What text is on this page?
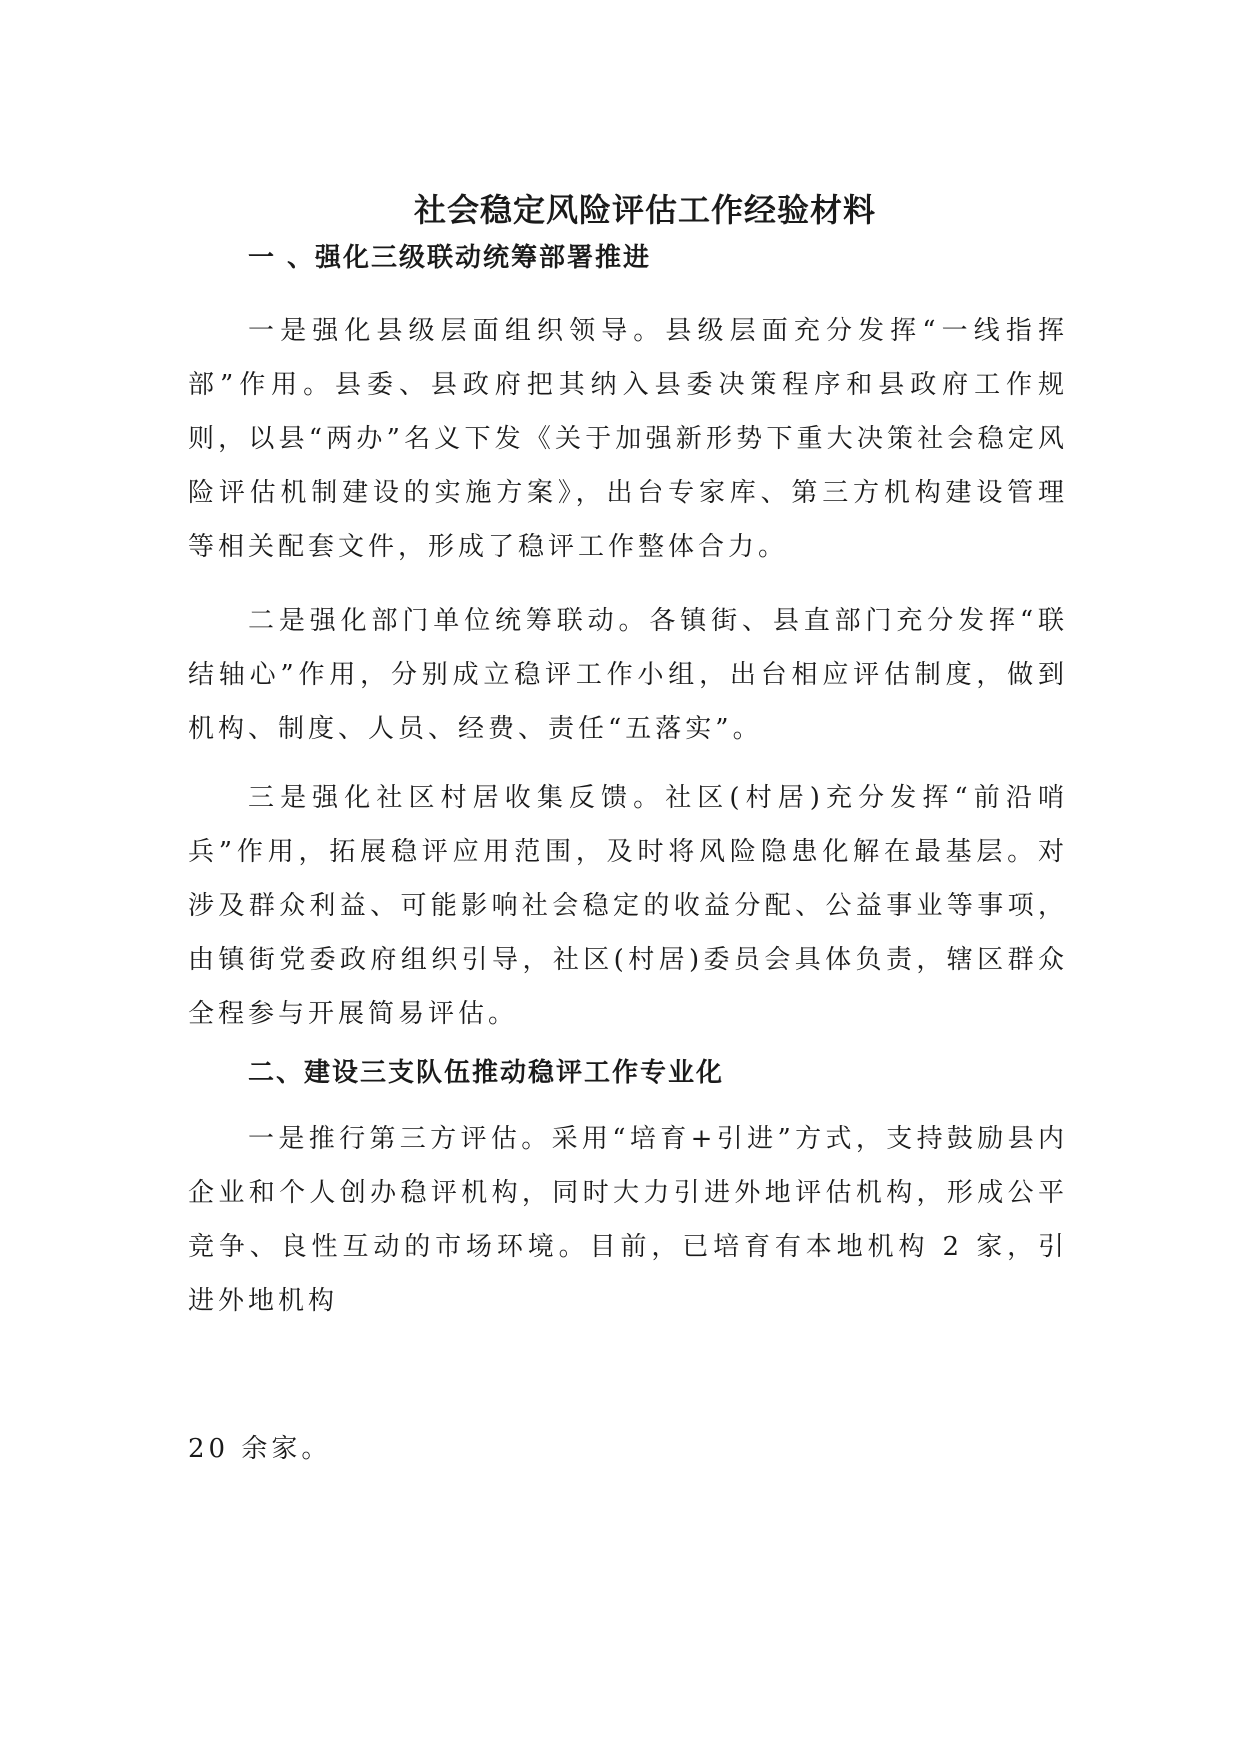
社会稳定风险评估工作经验材料
一 、强化三级联动统筹部署推进
一是强化县级层面组织领导。县级层面充分发挥“一线指挥部”作用。县委、县政府把其纳入县委决策程序和县政府工作规则，以县“两办”名义下发《关于加强新形势下重大决策社会稳定风险评估机制建设的实施方案》，出台专家库、第三方机构建设管理等相关配套文件，形成了稳评工作整体合力。
二是强化部门单位统筹联动。各镇街、县直部门充分发挥“联结轴心”作用，分别成立稳评工作小组，出台相应评估制度，做到机构、制度、人员、经费、责任“五落实”。
三是强化社区村居收集反馈。社区(村居)充分发挥“前沿哨兵”作用，拓展稳评应用范围，及时将风险隐患化解在最基层。对涉及群众利益、可能影响社会稳定的收益分配、公益事业等事项，由镇街党委政府组织引导，社区(村居)委员会具体负责，辖区群众全程参与开展简易评估。
二、建设三支队伍推动稳评工作专业化
一是推行第三方评估。采用“培育+引进”方式，支持鼓励县内企业和个人创办稳评机构，同时大力引进外地评估机构，形成公平竞争、良性互动的市场环境。目前，已培育有本地机构 2 家，引进外地机构
20 余家。
